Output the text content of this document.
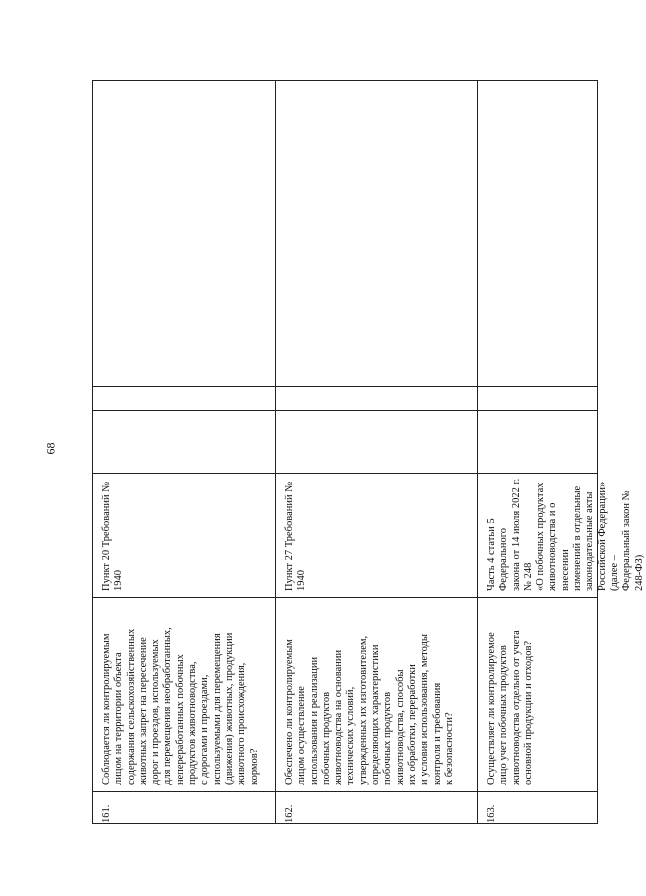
68
161.
Соблюдается ли контролируемым
лицом на территории объекта
содержания сельскохозяйственных
животных запрет на пересечение
дорог и проездов, используемых
для перемещения необработанных,
непереработанных побочных
продуктов животноводства,
с дорогами и проездами,
используемыми для перемещения
(движения) животных, продукции
животного происхождения,
кормов?
Пункт 20 Требований № 1940
162.
Обеспечено ли контролируемым
лицом осуществление
использования и реализации
побочных продуктов
животноводства на основании
технических условий,
утвержденных их изготовителем,
определяющих характеристики
побочных продуктов
животноводства, способы
их обработки, переработки
и условия использования, методы
контроля и требования
к безопасности?
Пункт 27 Требований № 1940
163.
Осуществляет ли контролируемое
лицо учет побочных продуктов
животноводства отдельно от учета
основной продукции и отходов?
Часть 4 статьи 5 Федерального
закона от 14 июля 2022 г. № 248
«О побочных продуктах
животноводства и о внесении
изменений в отдельные
законодательные акты
Российской Федерации» (далее –
Федеральный закон № 248-ФЗ)
